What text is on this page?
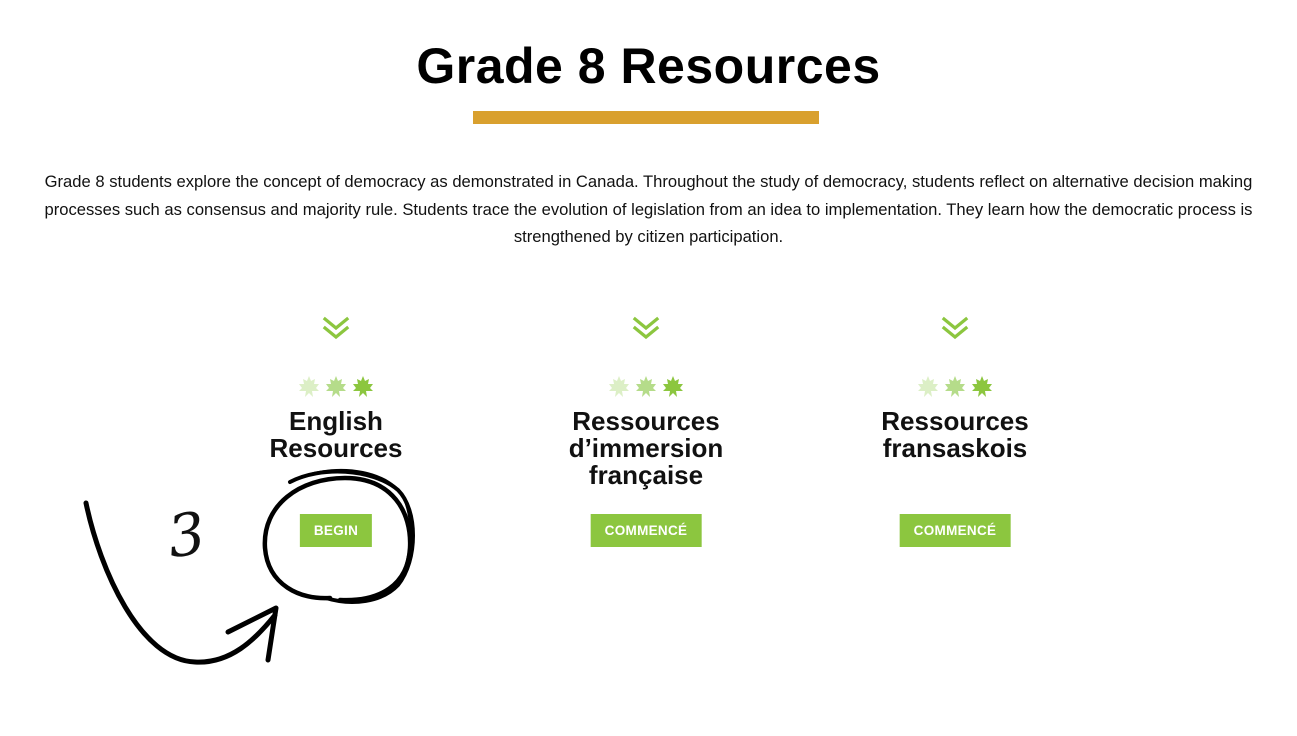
Grade 8 Resources

Grade 8 students explore the concept of democracy as demonstrated in Canada. Throughout the study of democracy, students reflect on alternative decision making processes such as consensus and majority rule. Students trace the evolution of legislation from an idea to implementation. They learn how the democratic process is strengthened by citizen participation.

English
Resources
BEGIN
Ressources
d’immersion
française
COMMENCÉ
Ressources
fransaskois
COMMENCÉ
3
